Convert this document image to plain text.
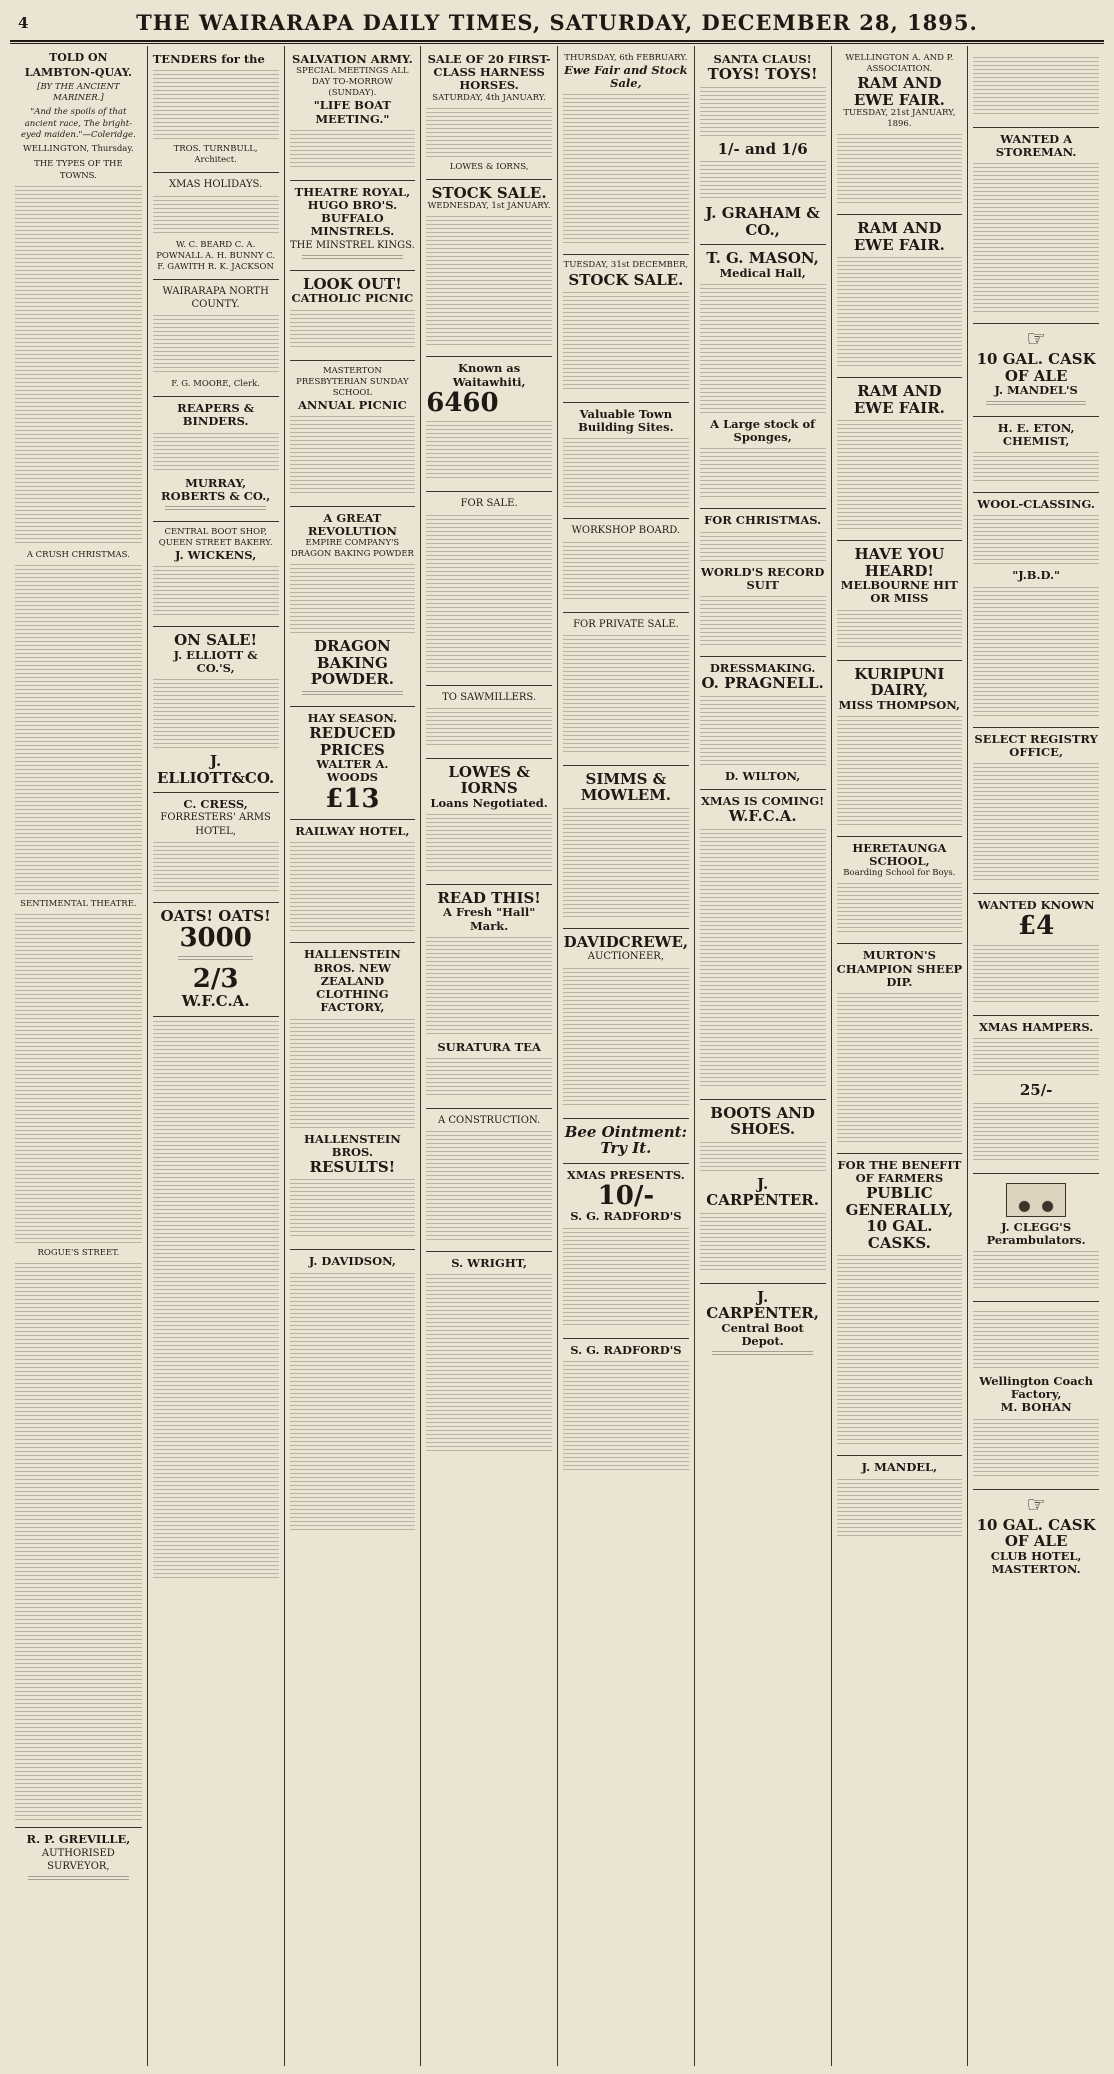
4	THE WAIRARAPA DAILY TIMES, SATURDAY, DECEMBER 28, 1895.
TOLD ON LAMBTON-QUAY.
[BY THE ANCIENT MARINER.]
"And the spoils of that ancient race, The bright-eyed maiden."—Coleridge.
WELLINGTON, Thursday.
THE TYPES OF THE TOWNS.
A CRUSH CHRISTMAS.
SENTIMENTAL THEATRE.
ROGUE'S STREET.
R. P. GREVILLE,
AUTHORISED SURVEYOR,
TENDERS for the
TROS. TURNBULL, Architect.
XMAS HOLIDAYS.
W. C. BEARD C. A. POWNALL A. H. BUNNY C. F. GAWITH R. K. JACKSON
WAIRARAPA NORTH COUNTY.
F. G. MOORE, Clerk.
REAPERS & BINDERS.
MURRAY, ROBERTS & CO.,
CENTRAL BOOT SHOP, QUEEN STREET BAKERY.
J. WICKENS,
ON SALE!
J. ELLIOTT & CO.'S,
J. ELLIOTT&CO.
C. CRESS,
FORRESTERS' ARMS HOTEL,
OATS! OATS!
3000
2/3
W.F.C.A.
SALVATION ARMY.
SPECIAL MEETINGS ALL DAY TO-MORROW (SUNDAY).
"LIFE BOAT MEETING."
THEATRE ROYAL,
HUGO BRO'S. BUFFALO MINSTRELS.
THE MINSTREL KINGS.
LOOK OUT!
CATHOLIC PICNIC
MASTERTON PRESBYTERIAN SUNDAY SCHOOL
ANNUAL PICNIC
A GREAT REVOLUTION
EMPIRE COMPANY'S DRAGON BAKING POWDER
DRAGON BAKING POWDER.
HAY SEASON.
REDUCED PRICES
WALTER A. WOODS
£13
RAILWAY HOTEL,
HALLENSTEIN BROS. NEW ZEALAND CLOTHING FACTORY,
HALLENSTEIN BROS.
RESULTS!
J. DAVIDSON,
SALE OF 20 FIRST-CLASS HARNESS HORSES.
SATURDAY, 4th JANUARY.
LOWES & IORNS,
STOCK SALE.
WEDNESDAY, 1st JANUARY.
Known as Waitawhiti,
6460
FOR SALE.
TO SAWMILLERS.
LOWES & IORNS
Loans Negotiated.
READ THIS!
A Fresh "Hall" Mark.
SURATURA TEA
A CONSTRUCTION.
S. WRIGHT,
THURSDAY, 6th FEBRUARY.
Ewe Fair and Stock Sale,
TUESDAY, 31st DECEMBER,
STOCK SALE.
Valuable Town Building Sites.
WORKSHOP BOARD.
FOR PRIVATE SALE.
SIMMS & MOWLEM.
DAVIDCREWE,
AUCTIONEER,
Bee Ointment: Try It.
XMAS PRESENTS.
10/-
S. G. RADFORD'S
S. G. RADFORD'S
SANTA CLAUS!
TOYS! TOYS!
1/- and 1/6
J. GRAHAM & CO.,
T. G. MASON,
Medical Hall,
A Large stock of Sponges,
FOR CHRISTMAS.
WORLD'S RECORD SUIT
DRESSMAKING.
O. PRAGNELL.
D. WILTON,
XMAS IS COMING!
W.F.C.A.
BOOTS AND SHOES.
J. CARPENTER.
J. CARPENTER,
Central Boot Depot.
WELLINGTON A. AND P. ASSOCIATION.
RAM AND EWE FAIR.
TUESDAY, 21st JANUARY, 1896.
RAM AND EWE FAIR.
RAM AND EWE FAIR.
HAVE YOU HEARD!
MELBOURNE HIT OR MISS
KURIPUNI DAIRY,
MISS THOMPSON,
HERETAUNGA SCHOOL,
Boarding School for Boys.
MURTON'S CHAMPION SHEEP DIP.
FOR THE BENEFIT OF FARMERS
PUBLIC GENERALLY,
10 GAL. CASKS.
J. MANDEL,
WANTED A STOREMAN.
☞
10 GAL. CASK OF ALE
J. MANDEL'S
H. E. ETON, CHEMIST,
WOOL-CLASSING.
"J.B.D."
SELECT REGISTRY OFFICE,
WANTED KNOWN
£4
XMAS HAMPERS.
25/-
J. CLEGG'S Perambulators.
Wellington Coach Factory,
M. BOHAN
☞
10 GAL. CASK OF ALE
CLUB HOTEL, MASTERTON.
